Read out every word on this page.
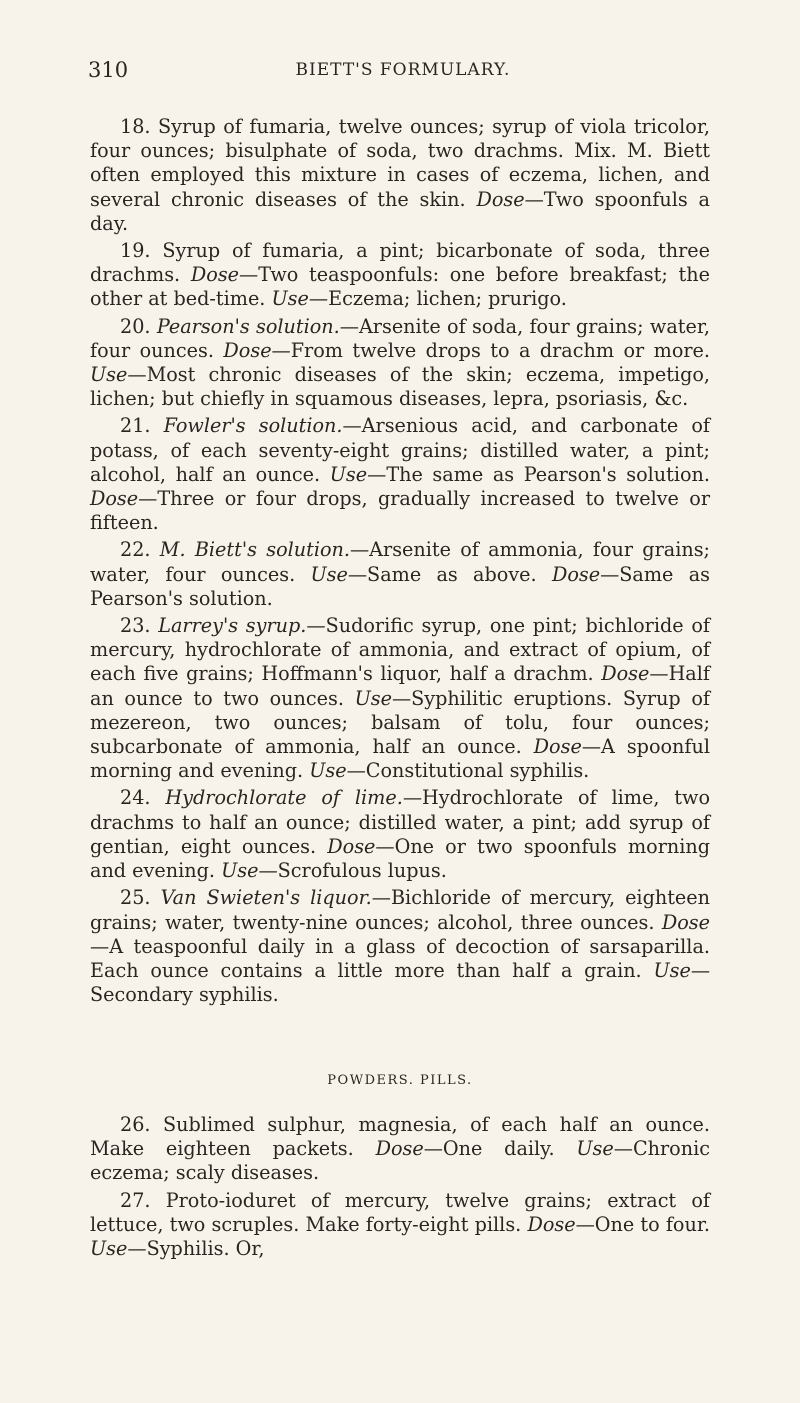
310	BIETT'S FORMULARY.

18. Syrup of fumaria, twelve ounces; syrup of viola tricolor, four ounces; bisulphate of soda, two drachms. Mix. M. Biett often employed this mixture in cases of eczema, lichen, and several chronic diseases of the skin. Dose—Two spoonfuls a day.

19. Syrup of fumaria, a pint; bicarbonate of soda, three drachms. Dose—Two teaspoonfuls: one before breakfast; the other at bed-time. Use—Eczema; lichen; prurigo.

20. Pearson's solution.—Arsenite of soda, four grains; water, four ounces. Dose—From twelve drops to a drachm or more. Use—Most chronic diseases of the skin; eczema, impetigo, lichen; but chiefly in squamous diseases, lepra, psoriasis, &c.

21. Fowler's solution.—Arsenious acid, and carbonate of potass, of each seventy-eight grains; distilled water, a pint; alcohol, half an ounce. Use—The same as Pearson's solution. Dose—Three or four drops, gradually increased to twelve or fifteen.

22. M. Biett's solution.—Arsenite of ammonia, four grains; water, four ounces. Use—Same as above. Dose—Same as Pearson's solution.

23. Larrey's syrup.—Sudorific syrup, one pint; bichloride of mercury, hydrochlorate of ammonia, and extract of opium, of each five grains; Hoffmann's liquor, half a drachm. Dose—Half an ounce to two ounces. Use—Syphilitic eruptions. Syrup of mezereon, two ounces; balsam of tolu, four ounces; subcarbonate of ammonia, half an ounce. Dose—A spoonful morning and evening. Use—Constitutional syphilis.

24. Hydrochlorate of lime.—Hydrochlorate of lime, two drachms to half an ounce; distilled water, a pint; add syrup of gentian, eight ounces. Dose—One or two spoonfuls morning and evening. Use—Scrofulous lupus.

25. Van Swieten's liquor.—Bichloride of mercury, eighteen grains; water, twenty-nine ounces; alcohol, three ounces. Dose—A teaspoonful daily in a glass of decoction of sarsaparilla. Each ounce contains a little more than half a grain. Use—Secondary syphilis.

POWDERS. PILLS.

26. Sublimed sulphur, magnesia, of each half an ounce. Make eighteen packets. Dose—One daily. Use—Chronic eczema; scaly diseases.

27. Proto-ioduret of mercury, twelve grains; extract of lettuce, two scruples. Make forty-eight pills. Dose—One to four. Use—Syphilis. Or,
